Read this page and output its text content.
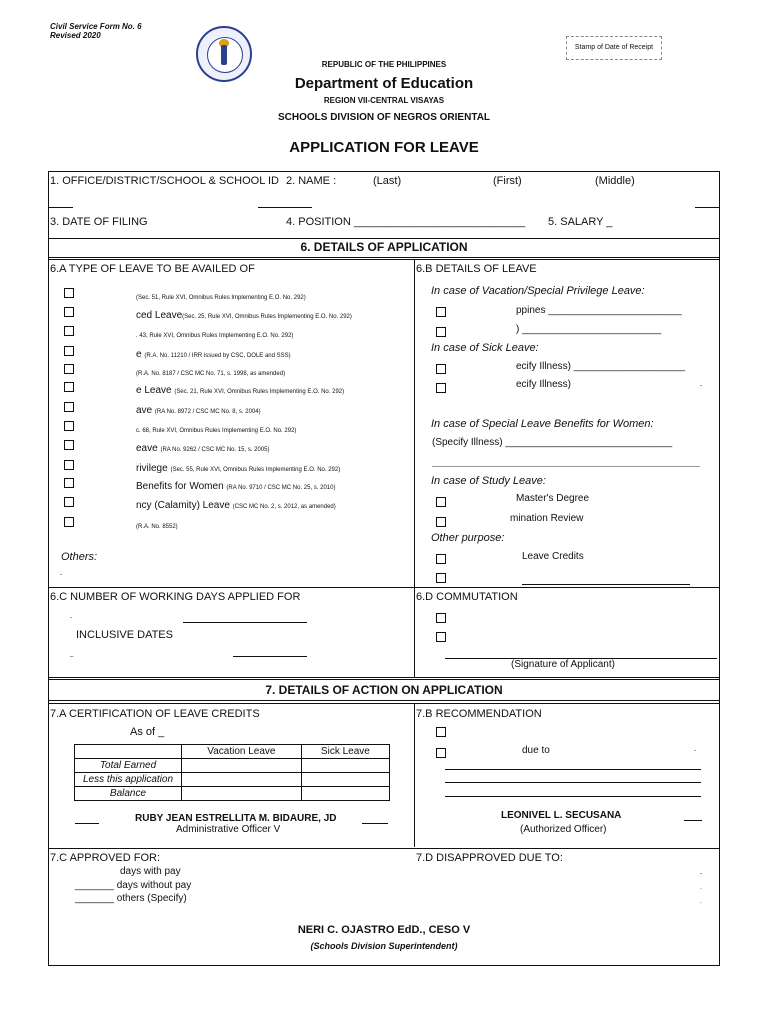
Civil Service Form No. 6
Revised 2020
Stamp of Date of Receipt
REPUBLIC OF THE PHILIPPINES
Department of Education
REGION VII-CENTRAL VISAYAS
SCHOOLS DIVISION OF NEGROS ORIENTAL
APPLICATION FOR LEAVE
1. OFFICE/DISTRICT/SCHOOL & SCHOOL ID 2. NAME :	(Last)	(First)	(Middle)
3. DATE OF FILING	4. POSITION ____________________________ 5. SALARY _
6. DETAILS OF APPLICATION
6.A TYPE OF LEAVE TO BE AVAILED OF	6.B DETAILS OF LEAVE
(Sec. 51, Rule XVI, Omnibus Rules Implementing E.O. No. 292)
ced Leave(Sec. 25, Rule XVI, Omnibus Rules Implementing E.O. No. 292)
. 43, Rule XVI, Omnibus Rules Implementing E.O. No. 292)
e (R.A. No. 11210 / IRR issued by CSC, DOLE and SSS)
(R.A. No. 8187 / CSC MC No. 71, s. 1998, as amended)
e Leave (Sec. 21, Rule XVI, Omnibus Rules Implementing E.O. No. 292)
ave (RA No. 8972 / CSC MC No. 8, s. 2004)
c. 68, Rule XVI, Omnibus Rules Implementing E.O. No. 292)
eave (RA No. 9262 / CSC MC No. 15, s. 2005)
rivilege (Sec. 55, Rule XVI, Omnibus Rules Implementing E.O. No. 292)
Benefits for Women (RA No. 9710 / CSC MC No. 25, s. 2010)
ncy (Calamity) Leave (CSC MC No. 2, s. 2012, as amended)
(R.A. No. 8552)
Others:
-
In case of Vacation/Special Privilege Leave:
ppines ________________________
) _________________________
In case of Sick Leave:
ecify Illness) ____________________
ecify Illness)	-
In case of Special Leave Benefits for Women:
(Specify Illness) ______________________________
In case of Study Leave:
Master's Degree
mination Review
Other purpose:
Leave Credits
6.C NUMBER OF WORKING DAYS APPLIED FOR	6.D COMMUTATION
-
INCLUSIVE DATES
_
(Signature of Applicant)
7. DETAILS OF ACTION ON APPLICATION
7.A CERTIFICATION OF LEAVE CREDITS	7.B RECOMMENDATION
As of _
	Vacation Leave	Sick Leave
Total Earned		
Less this application		
Balance		
due to	-
RUBY JEAN ESTRELLITA M. BIDAURE, JD
Administrative Officer V
LEONIVEL L. SECUSANA
(Authorized Officer)
7.C APPROVED FOR:	7.D DISAPPROVED DUE TO:
days with pay
_______ days without pay
_______ others (Specify)
-
.
.
NERI C. OJASTRO EdD., CESO V
(Schools Division Superintendent)
